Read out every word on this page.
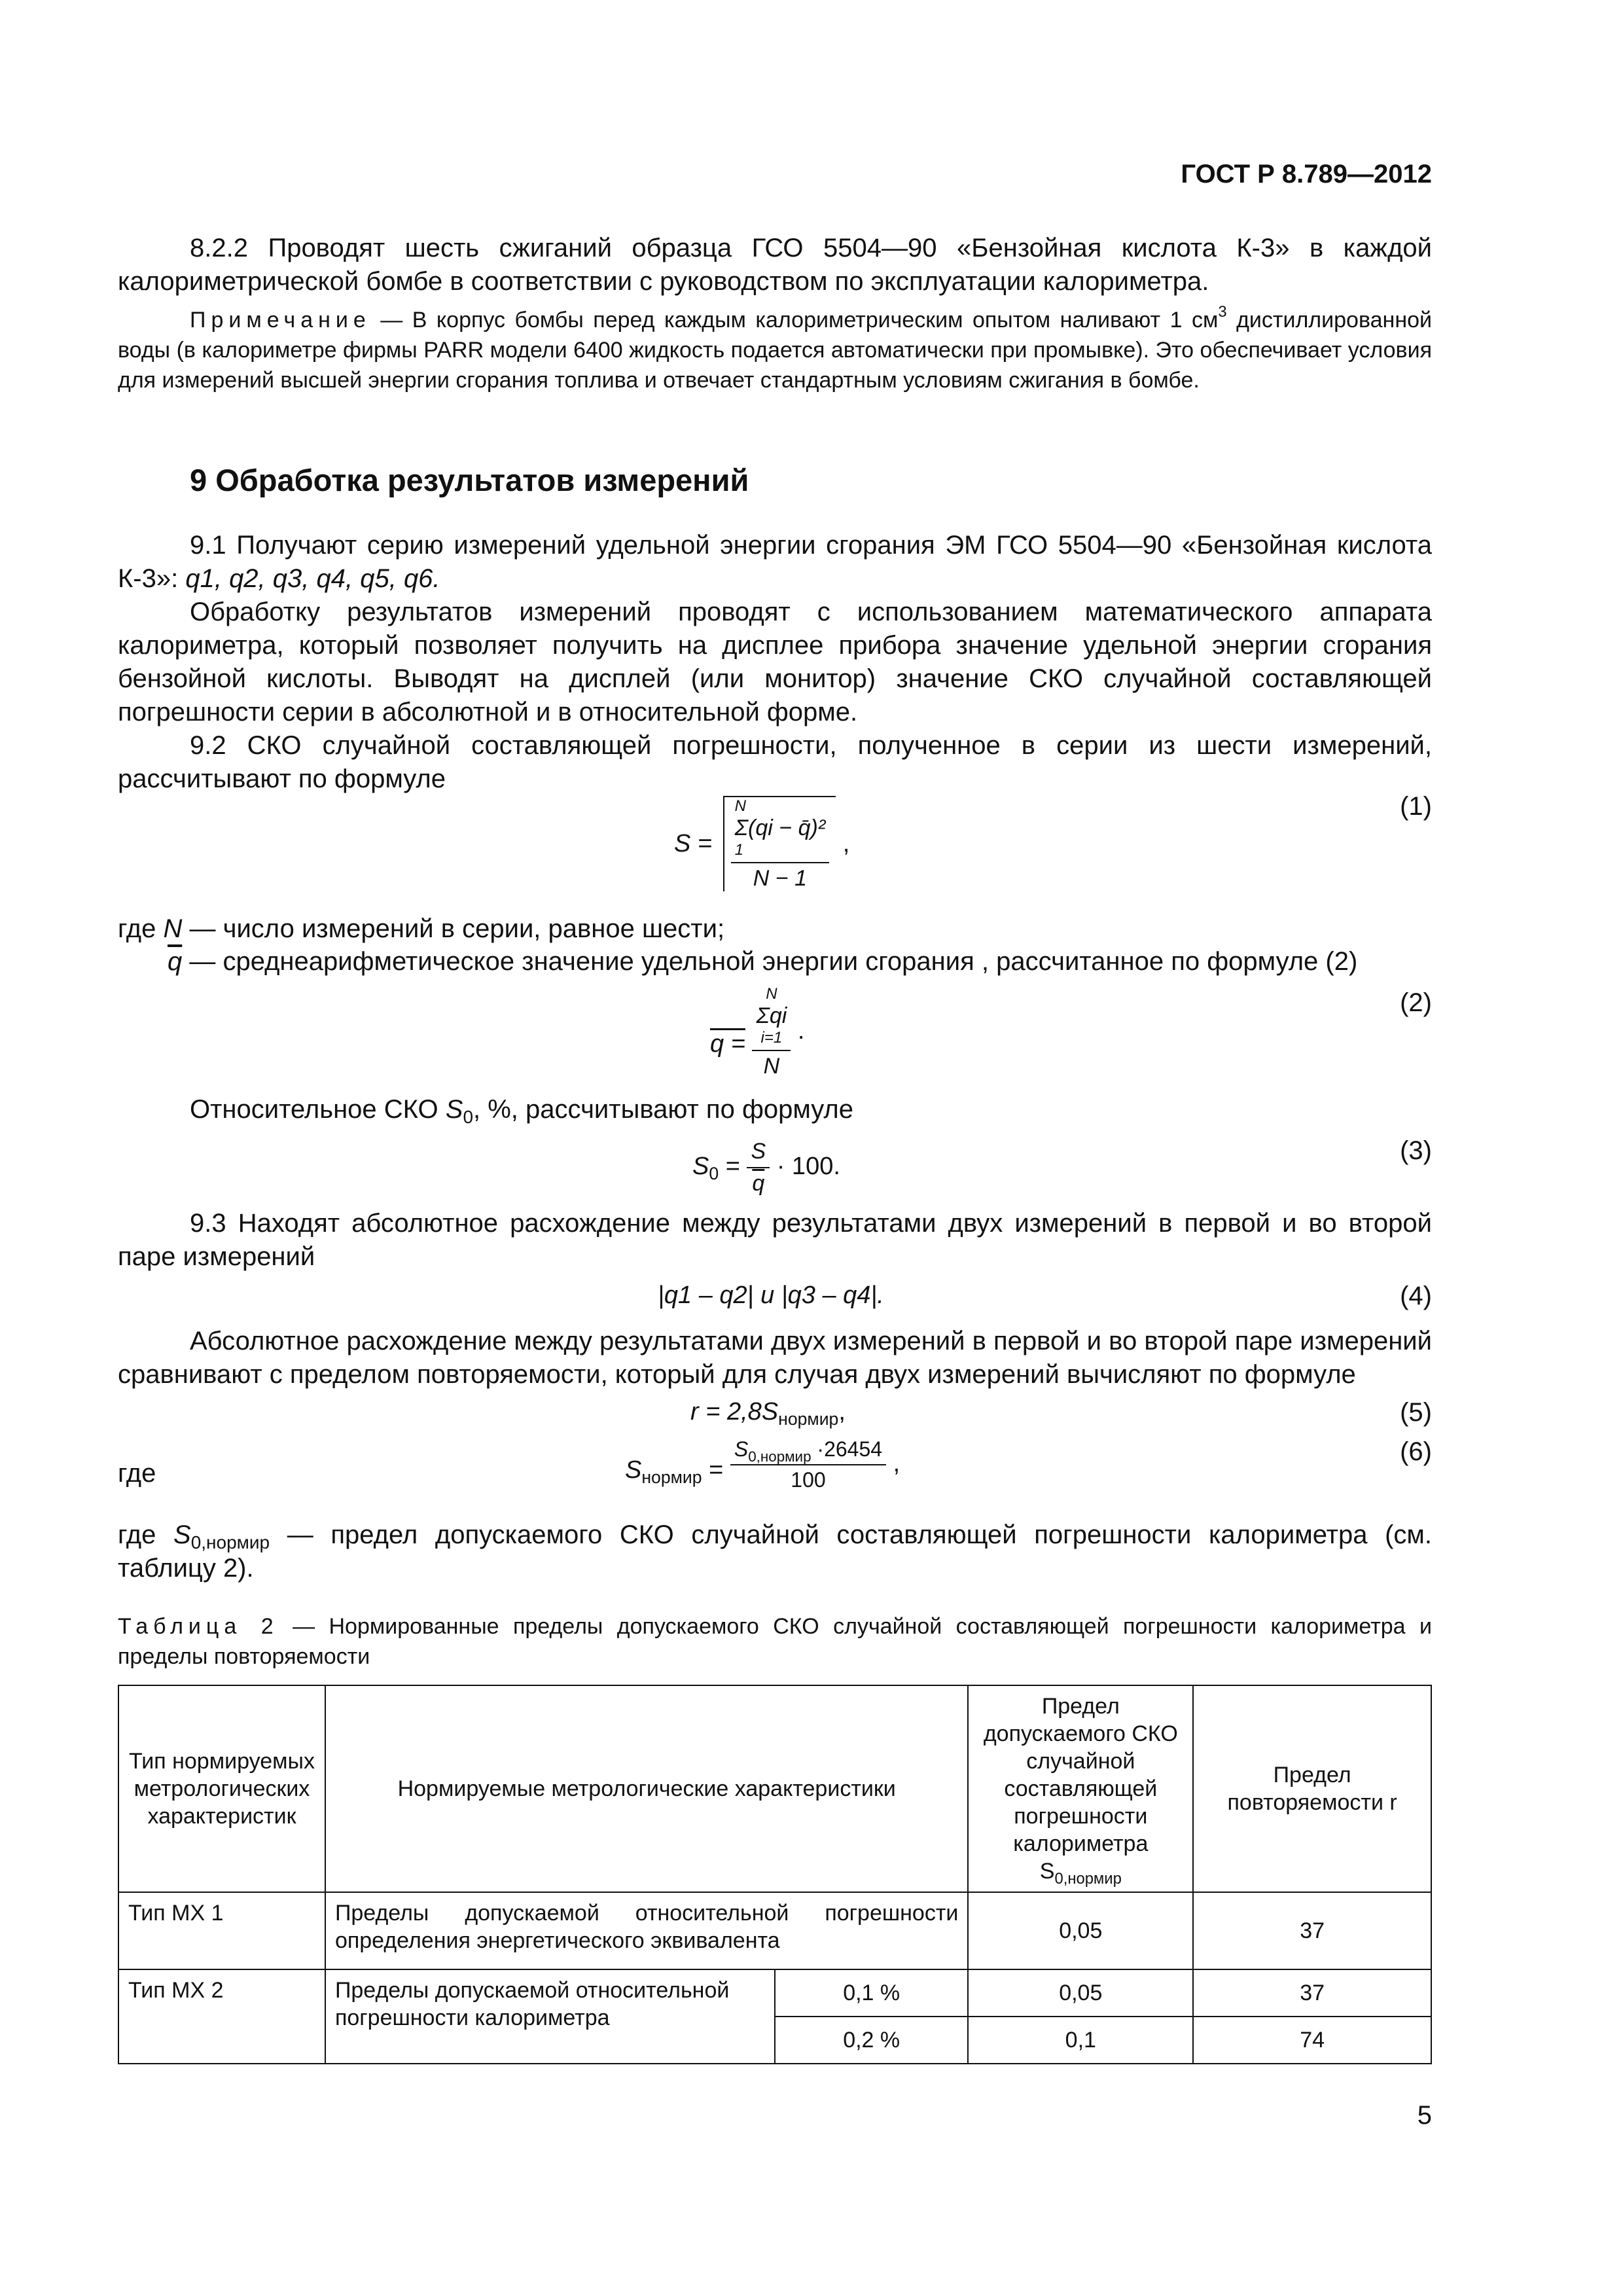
ГОСТ Р 8.789—2012
8.2.2 Проводят шесть сжиганий образца ГСО 5504—90 «Бензойная кислота К-3» в каждой калориметрической бомбе в соответствии с руководством по эксплуатации калориметра.
Примечание — В корпус бомбы перед каждым калориметрическим опытом наливают 1 $см^3$ дистиллированной воды (в калориметре фирмы PARR модели 6400 жидкость подается автоматически при промывке). Это обеспечивает условия для измерений высшей энергии сгорания топлива и отвечает стандартным условиям сжигания в бомбе.
9 Обработка результатов измерений
9.1 Получают серию измерений удельной энергии сгорания ЭМ ГСО 5504—90 «Бензойная кислота К-3»: q1, q2, q3, q4, q5, q6.
Обработку результатов измерений проводят с использованием математического аппарата калориметра, который позволяет получить на дисплее прибора значение удельной энергии сгорания бензойной кислоты. Выводят на дисплей (или монитор) значение СКО случайной составляющей погрешности серии в абсолютной и в относительной форме.
9.2 СКО случайной составляющей погрешности, полученное в серии из шести измерений, рассчитывают по формуле
S = N
Σ(qi − q̄)²
1
N − 1 ,
(1)
где N — число измерений в серии, равное шести;
$\overline{q}$ — среднеарифметическое значение удельной энергии сгорания , рассчитанное по формуле (2)
q = N
Σqi
i=1
N .
(2)
Относительное СКО $S_0$, %, рассчитывают по формуле
$S_0 = \frac{S}{q} \cdot 100$.
(3)
9.3 Находят абсолютное расхождение между результатами двух измерений в первой и во второй паре измерений
|q1 – q2| и |q3 – q4|.	(4)
Абсолютное расхождение между результатами двух измерений в первой и во второй паре измерений сравнивают с пределом повторяемости, который для случая двух измерений вычисляют по формуле
$r = 2,8S_{нормир}$,	(5)
где	$S_{нормир} = \frac{S_{0,нормир} \cdot 26454}{100}$ ,	(6)
где $S_{0,нормир}$ — предел допускаемого СКО случайной составляющей погрешности калориметра (см. таблицу 2).
Таблица 2 — Нормированные пределы допускаемого СКО случайной составляющей погрешности калориметра и пределы повторяемости
Тип нормируемых метрологических характеристик	Нормируемые метрологические характеристики		Предел допускаемого СКО случайной составляющей погрешности калориметра $S_{0,нормир}$	Предел повторяемости r
Тип МХ 1	Пределы допускаемой относительной погрешности определения энергетического эквивалента		0,05	37
Тип МХ 2	Пределы допускаемой относительной погрешности калориметра	0,1 %	0,05	37
		0,2 %	0,1	74
5
